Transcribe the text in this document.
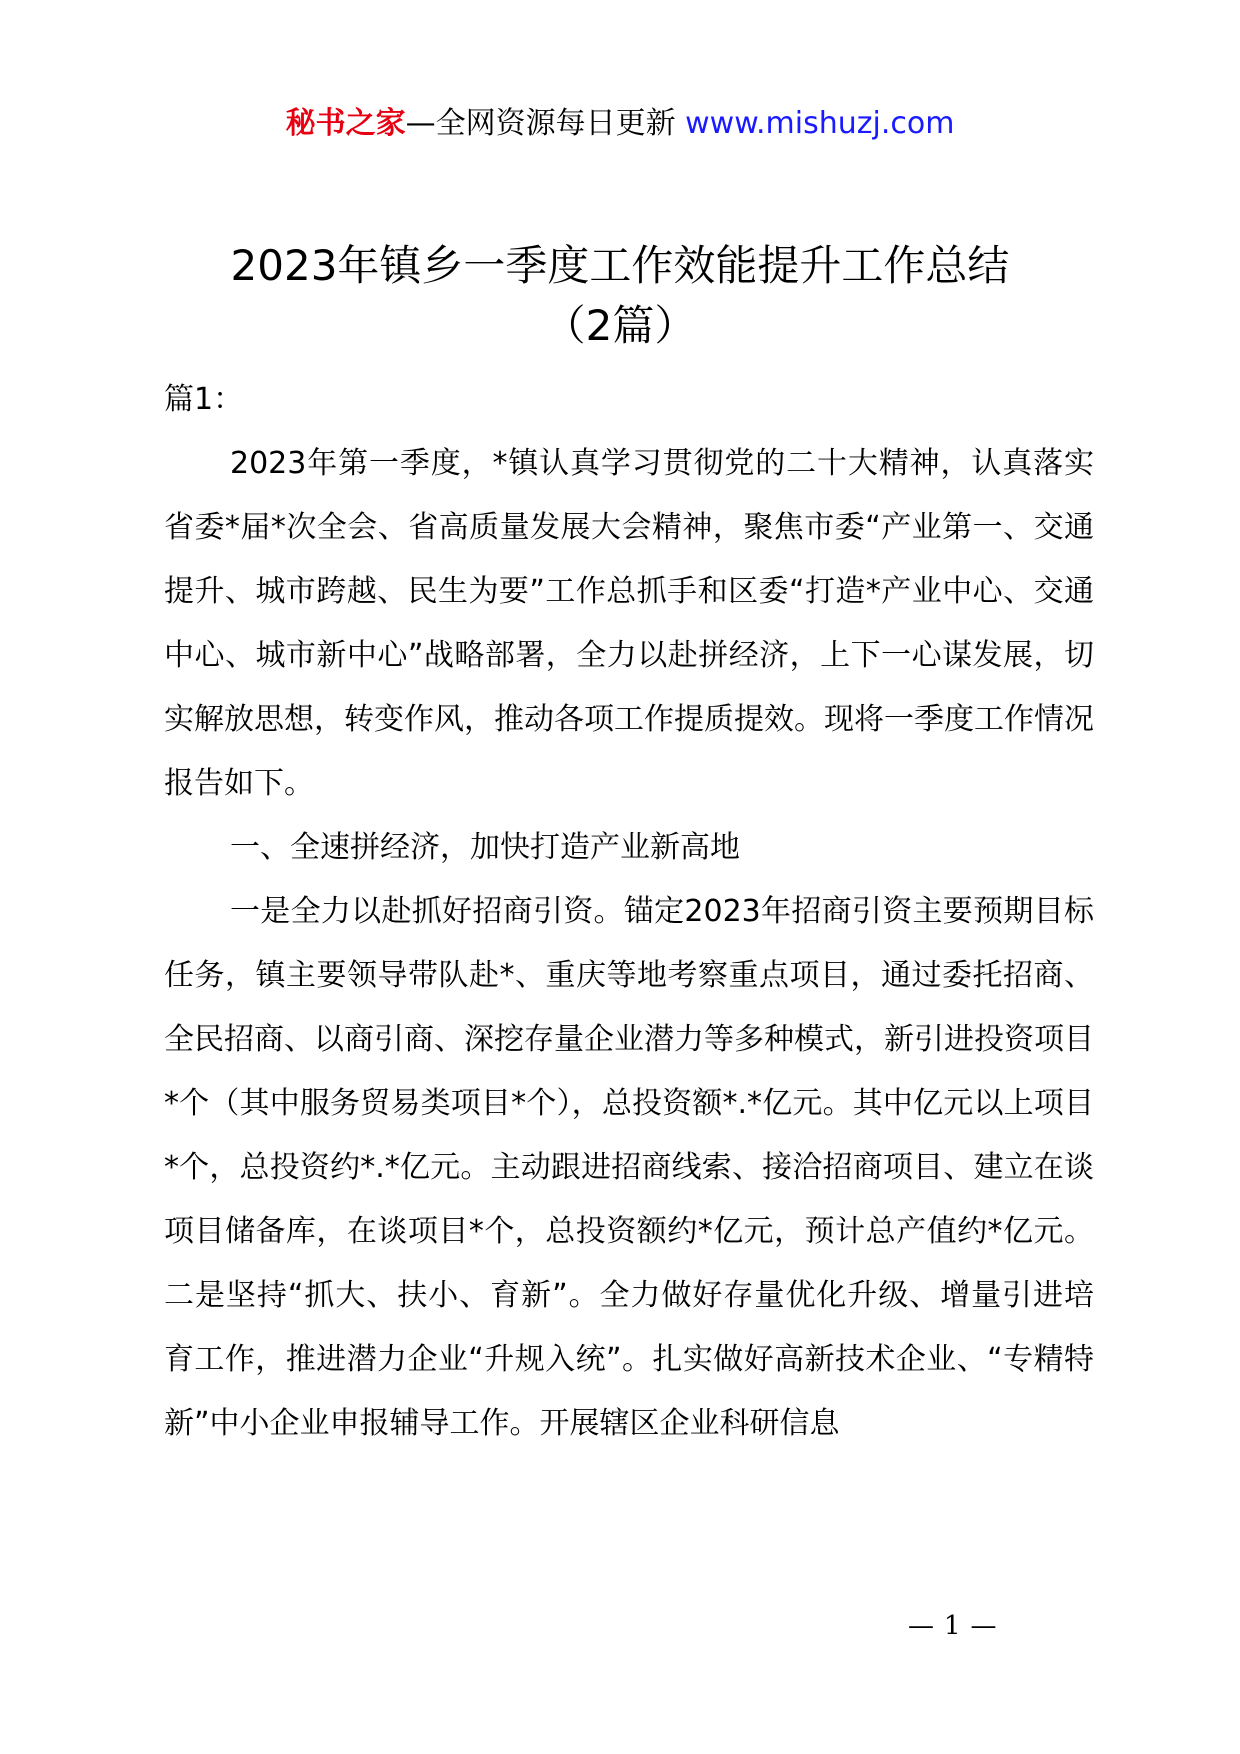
秘书之家—全网资源每日更新 www.mishuzj.com
2023年镇乡一季度工作效能提升工作总结
（2篇）

篇1：

2023年第一季度，*镇认真学习贯彻党的二十大精神，认真落实省委*届*次全会、省高质量发展大会精神，聚焦市委“产业第一、交通提升、城市跨越、民生为要”工作总抓手和区委“打造*产业中心、交通中心、城市新中心”战略部署，全力以赴拼经济，上下一心谋发展，切实解放思想，转变作风，推动各项工作提质提效。现将一季度工作情况报告如下。

一、全速拼经济，加快打造产业新高地

一是全力以赴抓好招商引资。锚定2023年招商引资主要预期目标任务，镇主要领导带队赴*、重庆等地考察重点项目，通过委托招商、全民招商、以商引商、深挖存量企业潜力等多种模式，新引进投资项目*个（其中服务贸易类项目*个），总投资额*.*亿元。其中亿元以上项目*个，总投资约*.*亿元。主动跟进招商线索、接洽招商项目、建立在谈项目储备库，在谈项目*个，总投资额约*亿元，预计总产值约*亿元。二是坚持“抓大、扶小、育新”。全力做好存量优化升级、增量引进培育工作，推进潜力企业“升规入统”。扎实做好高新技术企业、“专精特新”中小企业申报辅导工作。开展辖区企业科研信息

— 1 —
